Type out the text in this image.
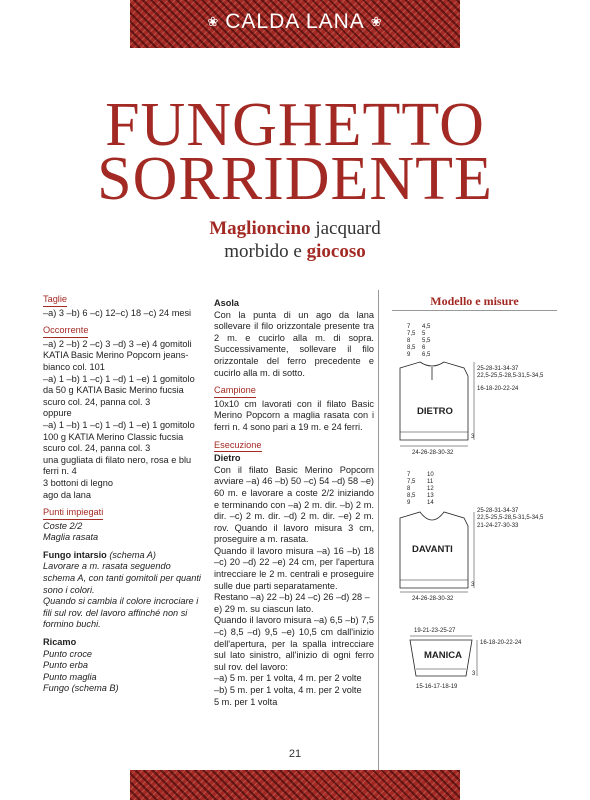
❀ CALDA LANA ❀
FUNGHETTO
SORRIDENTE
Maglioncino jacquard
morbido e giocoso
Taglie
–a) 3 –b) 6 –c) 12–c) 18 –c) 24 mesi
Occorrente
–a) 2 –b) 2 –c) 3 –d) 3 –e) 4 gomitoli KATIA Basic Merino Popcorn jeans-bianco col. 101
–a) 1 –b) 1 –c) 1 –d) 1 –e) 1 gomitolo da 50 g KATIA Basic Merino fucsia scuro col. 24, panna col. 3
oppure
–a) 1 –b) 1 –c) 1 –d) 1 –e) 1 gomitolo 100 g KATIA Merino Classic fucsia scuro col. 24, panna col. 3
una gugliata di filato nero, rosa e blu
ferri n. 4
3 bottoni di legno
ago da lana
Punti impiegati
Coste 2/2
Maglia rasata
Fungo intarsio (schema A)
Lavorare a m. rasata seguendo schema A, con tanti gomitoli per quanti sono i colori.
Quando si cambia il colore incrociare i fili sul rov. del lavoro affinché non si formino buchi.
Ricamo
Punto croce
Punto erba
Punto maglia
Fungo (schema B)
Asola
Con la punta di un ago da lana sollevare il filo orizzontale presente tra 2 m. e cucirlo alla m. di sopra. Successivamente, sollevare il filo orizzontale del ferro precedente e cucirlo alla m. di sotto.
Campione
10x10 cm lavorati con il filato Basic Merino Popcorn a maglia rasata con i ferri n. 4 sono pari a 19 m. e 24 ferri.
Esecuzione
Dietro
Con il filato Basic Merino Popcorn avviare –a) 46 –b) 50 –c) 54 –d) 58 –e) 60 m. e lavorare a coste 2/2 iniziando e terminando con –a) 2 m. dir. –b) 2 m. dir. –c) 2 m. dir. –d) 2 m. dir. –e) 2 m. rov. Quando il lavoro misura 3 cm, proseguire a m. rasata.
Quando il lavoro misura –a) 16 –b) 18 –c) 20 –d) 22 –e) 24 cm, per l'apertura intrecciare le 2 m. centrali e proseguire sulle due parti separatamente.
Restano –a) 22 –b) 24 –c) 26 –d) 28 –e) 29 m. su ciascun lato.
Quando il lavoro misura –a) 6,5 –b) 7,5 –c) 8,5 –d) 9,5 –e) 10,5 cm dall'inizio dell'apertura, per la spalla intrecciare sul lato sinistro, all'inizio di ogni ferro sul rov. del lavoro:
–a) 5 m. per 1 volta, 4 m. per 2 volte
–b) 5 m. per 1 volta, 4 m. per 2 volte
5 m. per 1 volta
Modello e misure
7
7,5
8
8,5
9
4,5
5
5,5
6
6,5
25-28-31-34-37
22,5-25,5-28,5-31,5-34,5
16-18-20-22-24
3
DIETRO
24-26-28-30-32
7
7,5
8
8,5
9
10
11
12
13
14
25-28-31-34-37
22,5-25,5-28,5-31,5-34,5
21-24-27-30-33
3
DAVANTI
24-26-28-30-32
19-21-23-25-27
16-18-20-22-24
3
MANICA
15-16-17-18-19
21
PassionForum.ru
